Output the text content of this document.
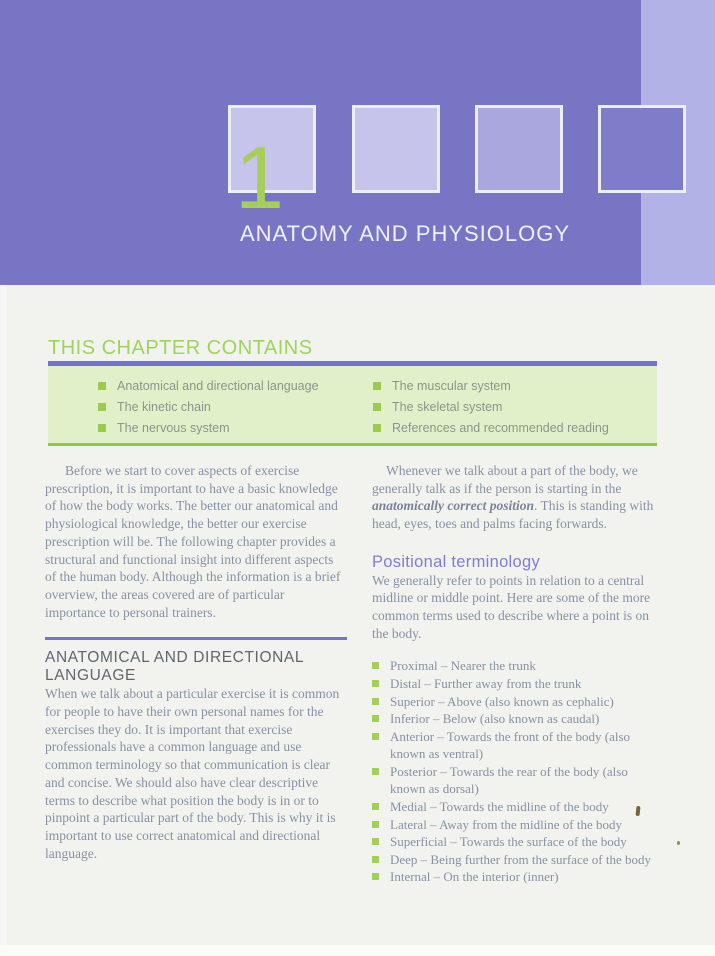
1
ANATOMY AND PHYSIOLOGY
THIS CHAPTER CONTAINS
Anatomical and directional language
The kinetic chain
The nervous system
The muscular system
The skeletal system
References and recommended reading

Before we start to cover aspects of exercise prescription, it is important to have a basic knowledge of how the body works. The better our anatomical and physiological knowledge, the better our exercise prescription will be. The following chapter provides a structural and functional insight into different aspects of the human body. Although the information is a brief overview, the areas covered are of particular importance to personal trainers.

ANATOMICAL AND DIRECTIONAL LANGUAGE

When we talk about a particular exercise it is common for people to have their own personal names for the exercises they do. It is important that exercise professionals have a common language and use common terminology so that communication is clear and concise. We should also have clear descriptive terms to describe what position the body is in or to pinpoint a particular part of the body. This is why it is important to use correct anatomical and directional language.

Whenever we talk about a part of the body, we generally talk as if the person is starting in the anatomically correct position. This is standing with head, eyes, toes and palms facing forwards.

Positional terminology

We generally refer to points in relation to a central midline or middle point. Here are some of the more common terms used to describe where a point is on the body.

Proximal – Nearer the trunk
Distal – Further away from the trunk
Superior – Above (also known as cephalic)
Inferior – Below (also known as caudal)
Anterior – Towards the front of the body (also known as ventral)
Posterior – Towards the rear of the body (also known as dorsal)
Medial – Towards the midline of the body
Lateral – Away from the midline of the body
Superficial – Towards the surface of the body
Deep – Being further from the surface of the body
Internal – On the interior (inner)
